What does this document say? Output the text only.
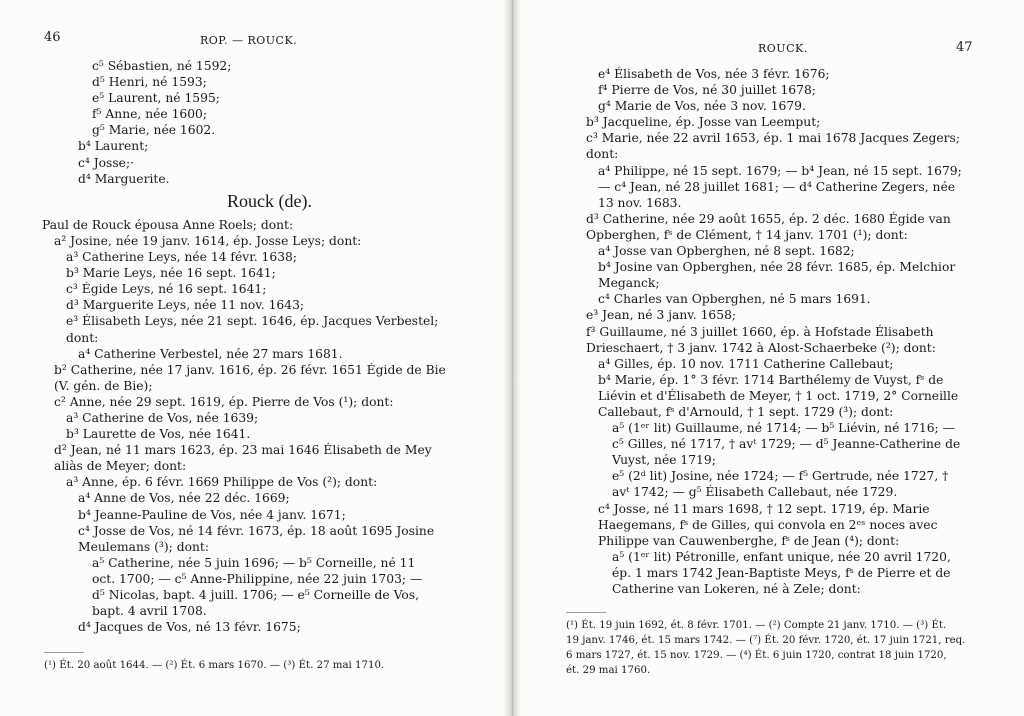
46	ROP. — ROUCK.
c⁵ Sébastien, né 1592;
d⁵ Henri, né 1593;
e⁵ Laurent, né 1595;
f⁵ Anne, née 1600;
g⁵ Marie, née 1602.
b⁴ Laurent;
c⁴ Josse;·
d⁴ Marguerite.
Rouck (de).
Paul de Rouck épousa Anne Roels; dont:
a² Josine, née 19 janv. 1614, ép. Josse Leys; dont:
a³ Catherine Leys, née 14 févr. 1638;
b³ Marie Leys, née 16 sept. 1641;
c³ Égide Leys, né 16 sept. 1641;
d³ Marguerite Leys, née 11 nov. 1643;
e³ Élisabeth Leys, née 21 sept. 1646, ép. Jacques Verbestel;
dont:
a⁴ Catherine Verbestel, née 27 mars 1681.
b² Catherine, née 17 janv. 1616, ép. 26 févr. 1651 Égide de Bie
(V. gén. de Bie);
c² Anne, née 29 sept. 1619, ép. Pierre de Vos (¹); dont:
a³ Catherine de Vos, née 1639;
b³ Laurette de Vos, née 1641.
d² Jean, né 11 mars 1623, ép. 23 mai 1646 Élisabeth de Mey
aliàs de Meyer; dont:
a³ Anne, ép. 6 févr. 1669 Philippe de Vos (²); dont:
a⁴ Anne de Vos, née 22 déc. 1669;
b⁴ Jeanne-Pauline de Vos, née 4 janv. 1671;
c⁴ Josse de Vos, né 14 févr. 1673, ép. 18 août 1695 Josine
Meulemans (³); dont:
a⁵ Catherine, née 5 juin 1696; — b⁵ Corneille, né 11
oct. 1700; — c⁵ Anne-Philippine, née 22 juin 1703; —
d⁵ Nicolas, bapt. 4 juill. 1706; — e⁵ Corneille de Vos,
bapt. 4 avril 1708.
d⁴ Jacques de Vos, né 13 févr. 1675;
(¹) Ét. 20 août 1644. — (²) Ét. 6 mars 1670. — (³) Ét. 27 mai 1710.
ROUCK.	47
e⁴ Élisabeth de Vos, née 3 févr. 1676;
f⁴ Pierre de Vos, né 30 juillet 1678;
g⁴ Marie de Vos, née 3 nov. 1679.
b³ Jacqueline, ép. Josse van Leemput;
c³ Marie, née 22 avril 1653, ép. 1 mai 1678 Jacques Zegers;
dont:
a⁴ Philippe, né 15 sept. 1679; — b⁴ Jean, né 15 sept. 1679;
— c⁴ Jean, né 28 juillet 1681; — d⁴ Catherine Zegers, née
13 nov. 1683.
d³ Catherine, née 29 août 1655, ép. 2 déc. 1680 Égide van
Opberghen, fˢ de Clément, † 14 janv. 1701 (¹); dont:
a⁴ Josse van Opberghen, né 8 sept. 1682;
b⁴ Josine van Opberghen, née 28 févr. 1685, ép. Melchior
Meganck;
c⁴ Charles van Opberghen, né 5 mars 1691.
e³ Jean, né 3 janv. 1658;
f³ Guillaume, né 3 juillet 1660, ép. à Hofstade Élisabeth
Drieschaert, † 3 janv. 1742 à Alost-Schaerbeke (²); dont:
a⁴ Gilles, ép. 10 nov. 1711 Catherine Callebaut;
b⁴ Marie, ép. 1° 3 févr. 1714 Barthélemy de Vuyst, fˢ de
Liévin et d'Élisabeth de Meyer, † 1 oct. 1719, 2° Corneille
Callebaut, fˢ d'Arnould, † 1 sept. 1729 (³); dont:
a⁵ (1ᵉʳ lit) Guillaume, né 1714; — b⁵ Liévin, né 1716; —
c⁵ Gilles, né 1717, † avᵗ 1729; — d⁵ Jeanne-Catherine de
Vuyst, née 1719;
e⁵ (2ᵈ lit) Josine, née 1724; — f⁵ Gertrude, née 1727, †
avᵗ 1742; — g⁵ Élisabeth Callebaut, née 1729.
c⁴ Josse, né 11 mars 1698, † 12 sept. 1719, ép. Marie
Haegemans, fˢ de Gilles, qui convola en 2ᵉˢ noces avec
Philippe van Cauwenberghe, fˢ de Jean (⁴); dont:
a⁵ (1ᵉʳ lit) Pétronille, enfant unique, née 20 avril 1720,
ép. 1 mars 1742 Jean-Baptiste Meys, fˢ de Pierre et de
Catherine van Lokeren, né à Zele; dont:
(¹) Ét. 19 juin 1692, ét. 8 févr. 1701. — (²) Compte 21 janv. 1710. — (³) Ét.
19 janv. 1746, ét. 15 mars 1742. — (⁷) Ét. 20 févr. 1720, ét. 17 juin 1721, req.
6 mars 1727, ét. 15 nov. 1729. — (⁴) Ét. 6 juin 1720, contrat 18 juin 1720,
ét. 29 mai 1760.
